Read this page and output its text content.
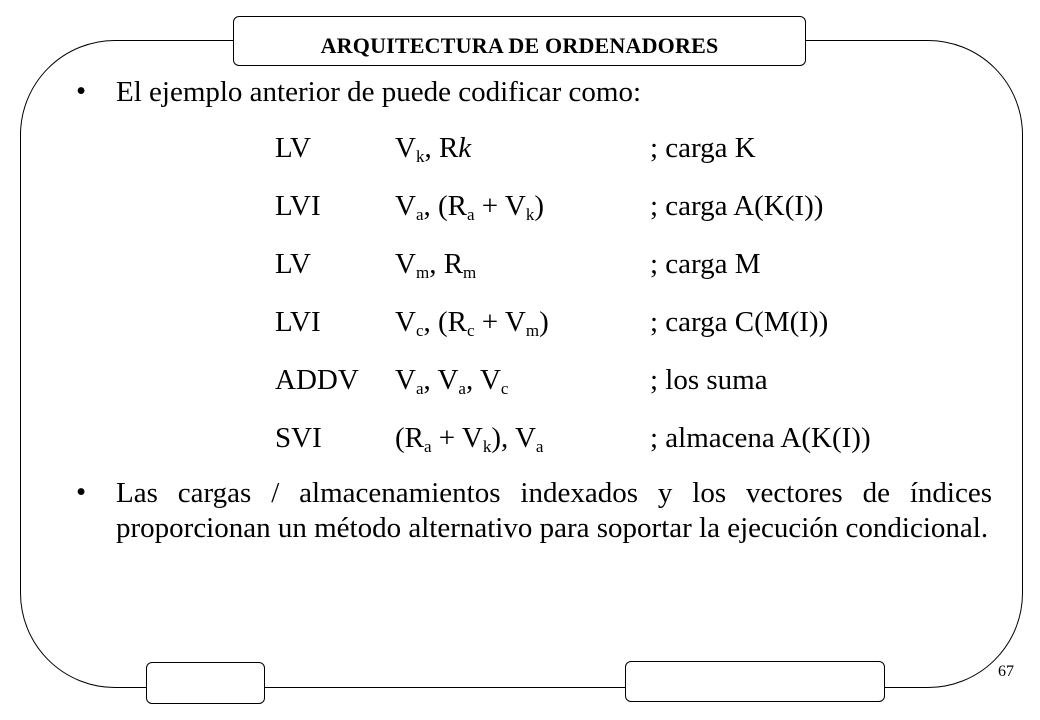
ARQUITECTURA DE ORDENADORES
67
• El ejemplo anterior de puede codificar como:
LV	$V_k$, Rk	; carga K
LVI	$V_a$, $(R_a + V_k)$	; carga A(K(I))
LV	$V_m$, $R_m$	; carga M
LVI	$V_c$, $(R_c + V_m)$	; carga C(M(I))
ADDV $V_a$, $V_a$, $V_c$	; los suma
SVI	$(R_a + V_k)$, $V_a$	; almacena A(K(I))
• Las cargas / almacenamientos indexados y los vectores de índices proporcionan un método alternativo para soportar la ejecución condicional.
